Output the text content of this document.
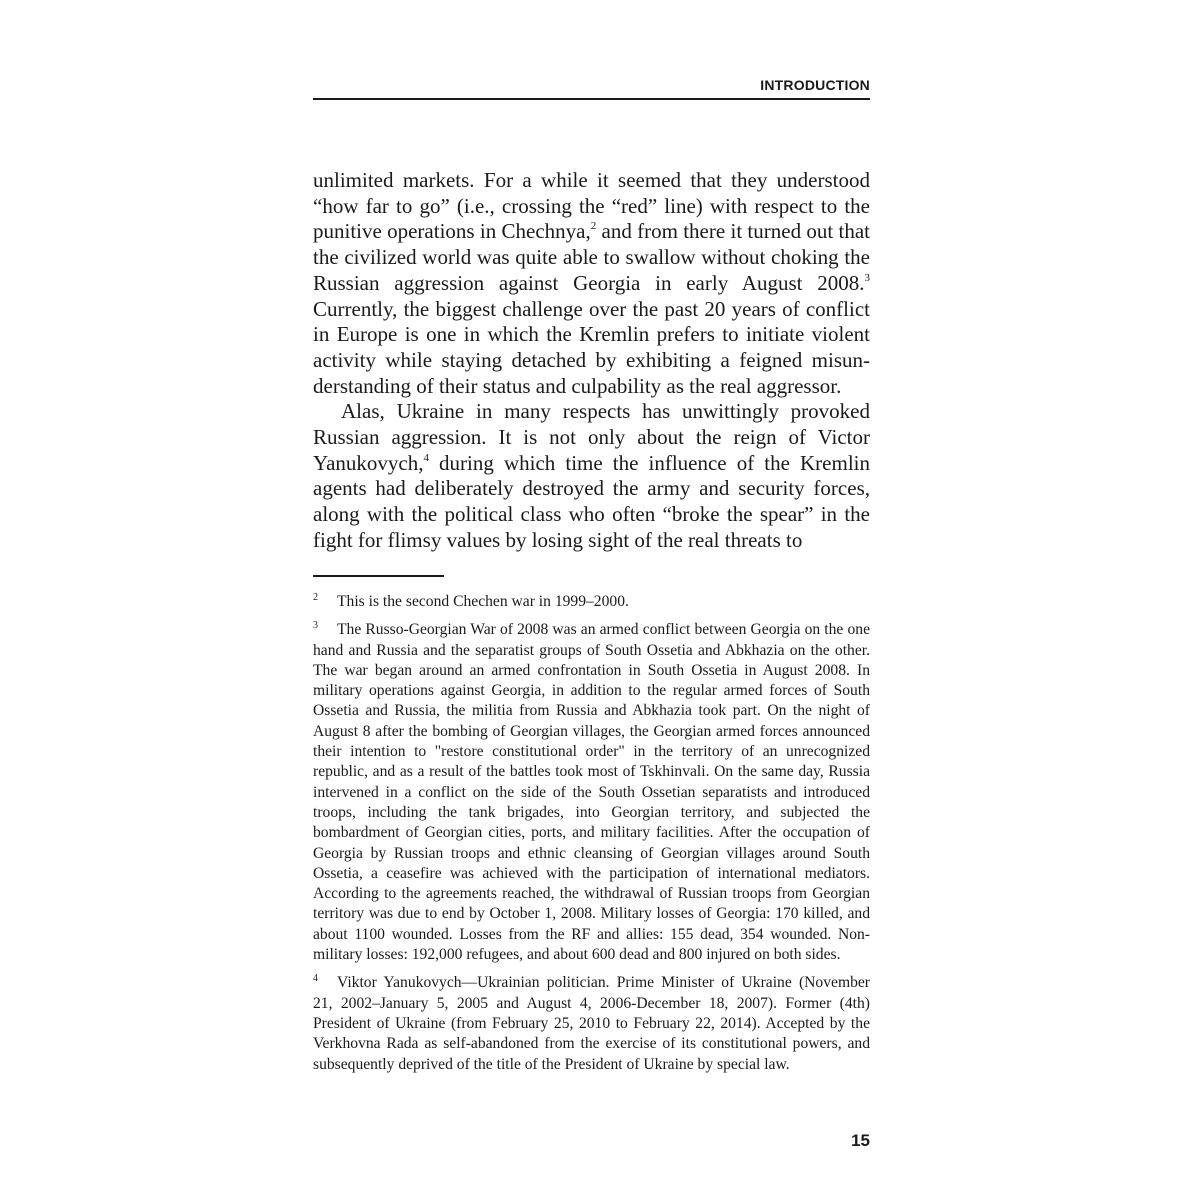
INTRODUCTION

unlimited markets. For a while it seemed that they understood “how far to go” (i.e., crossing the “red” line) with respect to the punitive operations in Chechnya,$^2$ and from there it turned out that the civilized world was quite able to swallow without choking the Russian aggression against Georgia in early August 2008.$^3$ Currently, the biggest challenge over the past 20 years of conflict in Europe is one in which the Kremlin prefers to initiate violent activity while staying detached by exhibiting a feigned misunderstanding of their status and culpability as the real aggressor.

Alas, Ukraine in many respects has unwittingly provoked Russian aggression. It is not only about the reign of Victor Yanukovych,$^4$ during which time the influence of the Kremlin agents had deliberately destroyed the army and security forces, along with the political class who often “broke the spear” in the fight for flimsy values by losing sight of the real threats to

2 This is the second Chechen war in 1999–2000.

3 The Russo-Georgian War of 2008 was an armed conflict between Georgia on the one hand and Russia and the separatist groups of South Ossetia and Abkhazia on the other. The war began around an armed confrontation in South Ossetia in August 2008. In military operations against Georgia, in addition to the regular armed forces of South Ossetia and Russia, the militia from Russia and Abkhazia took part. On the night of August 8 after the bombing of Georgian villages, the Georgian armed forces announced their intention to "restore constitutional order" in the territory of an unrecognized republic, and as a result of the battles took most of Tskhinvali. On the same day, Russia intervened in a conflict on the side of the South Ossetian separatists and introduced troops, including the tank brigades, into Georgian territory, and subjected the bombardment of Georgian cities, ports, and military facilities. After the occupation of Georgia by Russian troops and ethnic cleansing of Georgian villages around South Ossetia, a ceasefire was achieved with the participation of international mediators. According to the agreements reached, the withdrawal of Russian troops from Georgian territory was due to end by October 1, 2008. Military losses of Georgia: 170 killed, and about 1100 wounded. Losses from the RF and allies: 155 dead, 354 wounded. Non-military losses: 192,000 refugees, and about 600 dead and 800 injured on both sides.

4 Viktor Yanukovych—Ukrainian politician. Prime Minister of Ukraine (November 21, 2002–January 5, 2005 and August 4, 2006-December 18, 2007). Former (4th) President of Ukraine (from February 25, 2010 to February 22, 2014). Accepted by the Verkhovna Rada as self-abandoned from the exercise of its constitutional powers, and subsequently deprived of the title of the President of Ukraine by special law.

15
